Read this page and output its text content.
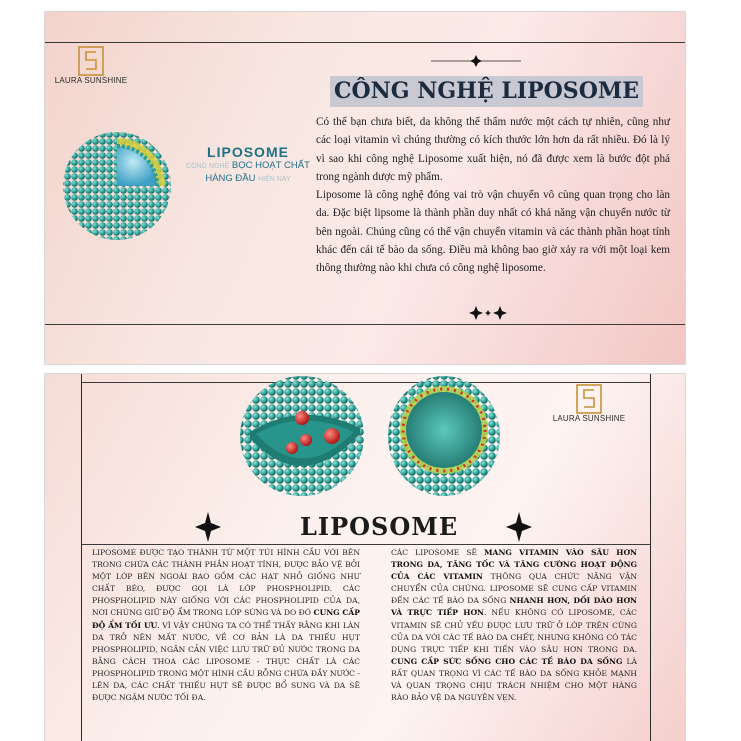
LAURA SUNSHINE
LIPOSOME
CÔNG NGHỆ BỌC HOẠT CHẤT
HÀNG ĐẦU HIỆN NAY
CÔNG NGHỆ LIPOSOME
Có thể bạn chưa biết, da không thể thẩm nước một cách tự nhiên, cũng như các loại vitamin vì chúng thường có kích thước lớn hơn da rất nhiều. Đó là lý vì sao khi công nghệ Liposome xuất hiện, nó đã được xem là bước đột phá trong ngành dược mỹ phẩm.
Liposome là công nghệ đóng vai trò vận chuyển vô cùng quan trọng cho làn da. Đặc biệt lipsome là thành phần duy nhất có khả năng vận chuyển nước từ bên ngoài. Chúng cũng có thể vận chuyển vitamin và các thành phần hoạt tính khác đến cái tế bào da sống. Điều mà không bao giờ xảy ra với một loại kem thông thường nào khi chưa có công nghệ liposome.
LAURA SUNSHINE
LIPOSOME
LIPOSOME ĐƯỢC TẠO THÀNH TỪ MỘT TÚI HÌNH CẦU VỚI BÊN TRONG CHỨA CÁC THÀNH PHẦN HOẠT TÍNH, ĐƯỢC BẢO VỆ BỞI MỘT LỚP BÊN NGOÀI BAO GỒM CÁC HẠT NHỎ GIỐNG NHƯ CHẤT BÉO, ĐƯỢC GỌI LÀ LỚP PHOSPHOLIPID. CÁC PHOSPHOLIPID NÀY GIỐNG VỚI CÁC PHOSPHOLIPID CỦA DA, NƠI CHÚNG GIỮ ĐỘ ẨM TRONG LỚP SỪNG VÀ DO ĐÓ CUNG CẤP ĐỘ ẨM TỐI ƯU. VÌ VẬY CHÚNG TA CÓ THỂ THẤY RẰNG KHI LÀN DA TRỞ NÊN MẤT NƯỚC, VỀ CƠ BẢN LÀ DA THIẾU HỤT PHOSPHOLIPID, NGĂN CẢN VIỆC LƯU TRỮ ĐỦ NƯỚC TRONG DA BẰNG CÁCH THOA CÁC LIPOSOME - THỰC CHẤT LÀ CÁC PHOSPHOLIPID TRONG MỘT HÌNH CẦU RỖNG CHỨA ĐẦY NƯỚC - LÊN DA, CÁC CHẤT THIẾU HỤT SẼ ĐƯỢC BỔ SUNG VÀ DA SẼ ĐƯỢC NGẬM NƯỚC TỐI ĐA.
CÁC LIPOSOME SẼ MANG VITAMIN VÀO SÂU HƠN TRONG DA, TĂNG TỐC VÀ TĂNG CƯỜNG HOẠT ĐỘNG CỦA CÁC VITAMIN THÔNG QUA CHỨC NĂNG VẬN CHUYỂN CỦA CHÚNG. LIPOSOME SẼ CUNG CẤP VITAMIN ĐẾN CÁC TẾ BÀO DA SỐNG NHANH HƠN, DỒI DÀO HƠN VÀ TRỰC TIẾP HƠN. NẾU KHÔNG CÓ LIPOSOME, CÁC VITAMIN SẼ CHỦ YẾU ĐƯỢC LƯU TRỮ Ở LỚP TRÊN CÙNG CỦA DA VỚI CÁC TẾ BÀO DA CHẾT, NHƯNG KHÔNG CÓ TÁC DỤNG TRỰC TIẾP KHI TIẾN VÀO SÂU HƠN TRONG DA. CUNG CẤP SỨC SỐNG CHO CÁC TẾ BÀO DA SỐNG LÀ RẤT QUAN TRỌNG VÌ CÁC TẾ BÀO DA SỐNG KHỎE MẠNH VÀ QUAN TRỌNG CHỊU TRÁCH NHIỆM CHO MỘT HÀNG RÀO BẢO VỆ DA NGUYÊN VẸN.
